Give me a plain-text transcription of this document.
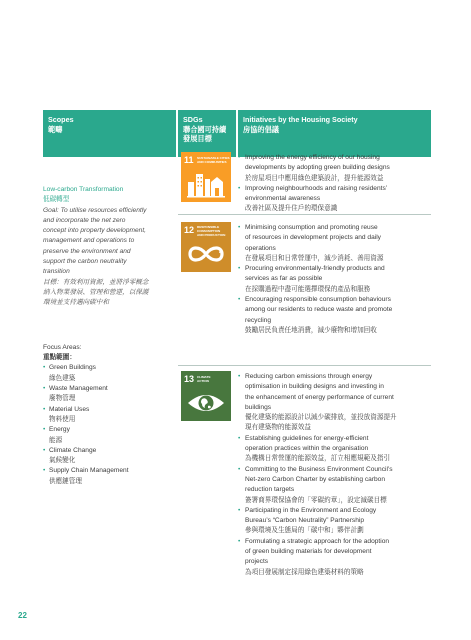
Scopes
範疇
SDGs
聯合國可持續
發展目標
Initiatives by the Housing Society
房協的倡議
Low-carbon Transformation
低碳轉型
Goal: To utilise resources efficiently
and incorporate the net zero
concept into property development,
management and operations to
preserve the environment and
support the carbon neutrality
transition
目標：有效利用資源，並將淨零概念
納入物業發展、管理和營運，以保護
環境並支持邁向碳中和
Focus Areas:
重點範圍：
• Green Buildings
綠色建築
• Waste Management
廢物管理
• Material Uses
物料使用
• Energy
能源
• Climate Change
氣候變化
• Supply Chain Management
供應鏈管理
11 SUSTAINABLE CITIES
AND COMMUNITIES
12 RESPONSIBLE
CONSUMPTION
AND PRODUCTION
13 CLIMATE
ACTION
• Improving the energy efficiency of our housing
developments by adopting green building designs
於房屋項目中應用綠色建築設計，提升能源效益
• Improving neighbourhoods and raising residents’
environmental awareness
改善社區及提升住戶的環保意識
• Minimising consumption and promoting reuse
of resources in development projects and daily
operations
在發展項目和日常營運中，減少消耗、善用資源
• Procuring environmentally-friendly products and
services as far as possible
在採購過程中盡可能選擇環保的產品和服務
• Encouraging responsible consumption behaviours
among our residents to reduce waste and promote
recycling
鼓勵居民負責任地消費，減少廢物和增加回收
• Reducing carbon emissions through energy
optimisation in building designs and investing in
the enhancement of energy performance of current
buildings
優化建築的能源設計以減少碳排放，並投放資源提升
現有建築物的能源效益
• Establishing guidelines for energy-efficient
operation practices within the organisation
為機構日常營運的能源效益，訂立相應規範及指引
• Committing to the Business Environment Council’s
Net-zero Carbon Charter by establishing carbon
reduction targets
簽署商界環保協會的「零碳約章」，設定減碳目標
• Participating in the Environment and Ecology
Bureau’s “Carbon Neutrality” Partnership
參與環境及生態局的「碳中和」夥伴計劃
• Formulating a strategic approach for the adoption
of green building materials for development
projects
為項目發展制定採用綠色建築材料的策略
22
